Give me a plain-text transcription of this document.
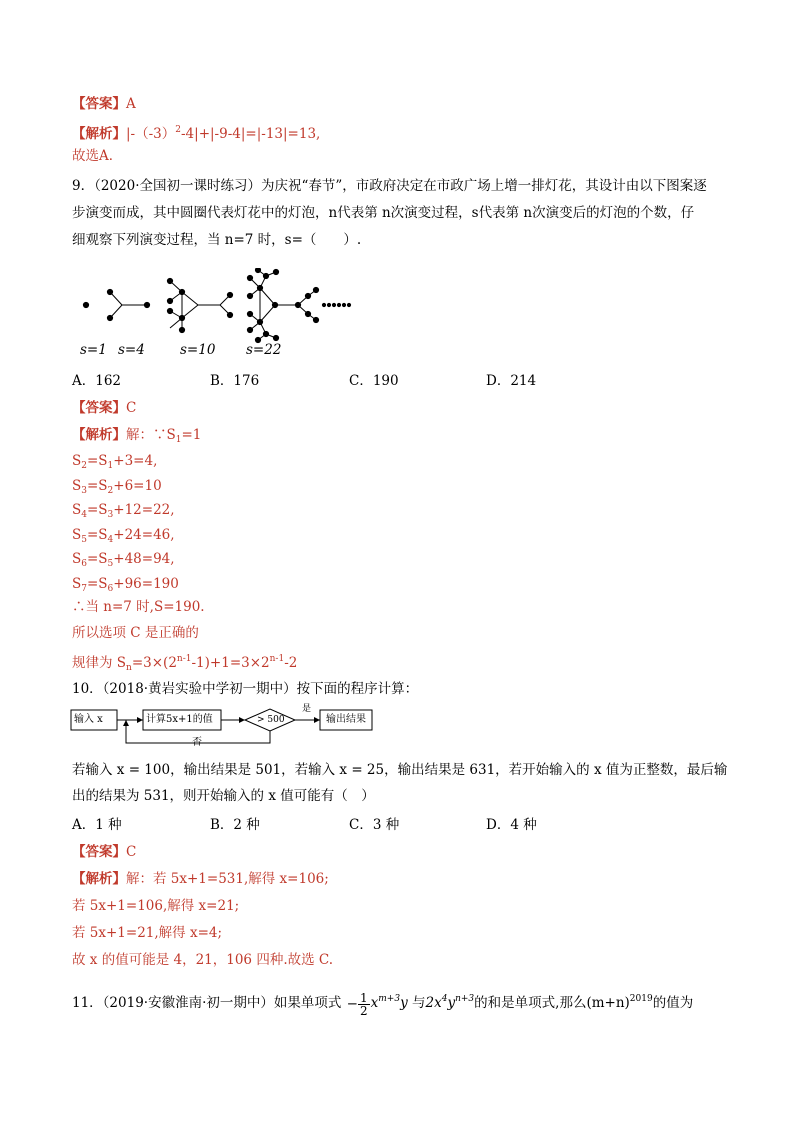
【答案】A
【解析】$|-(-3)^2-4|+|-9-4|=|-13|=13$,
故选A．
9．（2020·全国初一课时练习）为庆祝“春节”，市政府决定在市政广场上增一排灯花，其设计由以下图案逐
步演变而成，其中圆圈代表灯花中的灯泡，n代表第 n次演变过程，s代表第 n次演变后的灯泡的个数，仔
细观察下列演变过程，当 n=7 时，s=（　　）.
s=1 s=4	s=10 s=22
A．162	B．176	C．190	D．214
【答案】C
【解析】解：$\because S_1=1$
$S_2=S_1+3=4$,
$S_3=S_2+6=10$
$S_4=S_3+12=22$,
$S_5=S_4+24=46$,
$S_6=S_5+48=94$,
$S_7=S_6+96=190$
∴当 n=7 时,S=190.
所以选项 C 是正确的
规律为 $S_n=3\times(2^{n-1}-1)+1=3\times 2^{n-1}-2$
10．（2018·黄岩实验中学初一期中）按下面的程序计算：
输入 x	计算5x+1的值	> 500
是
输出结果
否
若输入 x = 100，输出结果是 501，若输入 x = 25，输出结果是 631，若开始输入的 x 值为正整数，最后输
出的结果为 531，则开始输入的 x 值可能有（　）
A．1 种	B．2 种	C．3 种	D．4 种
【答案】C
【解析】解：若 5x+1=531,解得 x=106;
若 5x+1=106,解得 x=21;
若 5x+1=21,解得 x=4;
故 x 的值可能是 4，21，106 四种.故选 C.
11．（2019·安徽淮南·初一期中）如果单项式 − $\frac{1}{2} x^{m+3}y$ 与$2x^4y^{n+3}$的和是单项式,那么$(m+n)^{2019}$的值为
